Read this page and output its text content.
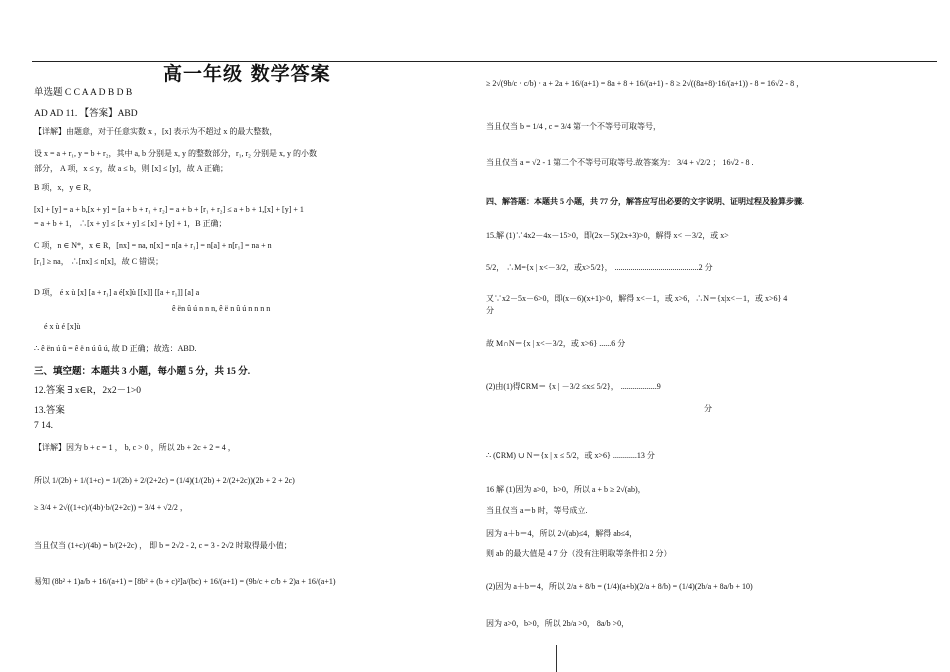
高一年级 数学答案
单选题 C C A A D B D B
AD AD 11. 【答案】ABD
【详解】由题意，对于任意实数 x ，[x] 表示为不超过 x 的最大整数，
设 x = a + r₁, y = b + r₂，其中 a, b 分别是 x, y 的整数部分，r₁, r₂ 分别是 x, y 的小数
部分， A 项，x ≤ y，故 a ≤ b，则 [x] ≤ [y]，故 A 正确；
B 项，x，y ∈ R，
[x] + [y] = a + b,[x + y] = [a + b + r₁ + r₂] = a + b + [r₁ + r₂] ≤ a + b + 1,[x] + [y] + 1
= a + b + 1， ∴[x + y] ≤ [x + y] ≤ [x] + [y] + 1，B 正确；
C 项，n ∈ N*，x ∈ R，[nx] = na, n[x] = n[a + r₁] = n[a] + n[r₁] = na + n
[r₁] ≥ na， ∴[nx] ≤ n[x]，故 C 错误；
D 项， é x ù [x] [a + r₁] a é[x]ù [[x]] [[a + r₁]] [a] a
ê ën û ú n n n, ê ë n û ú n n n n
é x ù é [x]ù
∴ ê ën ú û = ê ë n ú û ú, 故 D 正确；故选：ABD.
三、填空题：本题共 3 小题，每小题 5 分，共 15 分.
12.答案 ∃ x∈R，2x2－1>0
13.答案
7 14.
【详解】因为 b + c = 1 ， b, c > 0 ，所以 2b + 2c + 2 = 4 ，
所以 1/(2b) + 1/(1+c) = 1/(2b) + 2/(2+2c) = (1/4)(1/(2b) + 2/(2+2c))(2b + 2 + 2c)
≥ 3/4 + 2√((1+c)/(4b)·b/(2+2c)) = 3/4 + √2/2 ，
当且仅当 (1+c)/(4b) = b/(2+2c) ， 即 b = 2√2 - 2, c = 3 - 2√2 时取得最小值；
易知 (8b² + 1)a/b + 16/(a+1) = [8b² + (b + c)²]a/(bc) + 16/(a+1) = (9b/c + c/b + 2)a + 16/(a+1)
≥ 2√(9b/c · c/b) · a + 2a + 16/(a+1) = 8a + 8 + 16/(a+1) - 8 ≥ 2√((8a+8)·16/(a+1)) - 8 = 16√2 - 8 ，
当且仅当 b = 1/4 , c = 3/4 第一个不等号可取等号，
当且仅当 a = √2 - 1 第二个不等号可取等号.故答案为： 3/4 + √2/2 ； 16√2 - 8 .
四、解答题：本题共 5 小题，共 77 分，解答应写出必要的文字说明、证明过程及验算步骤.
15.解 (1)∵4x2－4x－15>0，即(2x－5)(2x+3)>0，解得 x< －3/2，或 x>
5/2， ∴M={x | x<－3/2，或x>5/2}， ..........................................2 分
又∵x2－5x－6>0，即(x－6)(x+1)>0，解得 x<－1，或 x>6，∴N＝{x|x<－1，或 x>6} 4
分
故 M∩N＝{x | x<－3/2，或 x>6} ......6 分
(2)由(1)得∁RM＝ {x | －3/2 ≤x≤ 5/2}， ..................9
分
∴ (∁RM) ∪ N＝{x | x ≤ 5/2，或 x>6} ............13 分
16 解 (1)因为 a>0，b>0，所以 a + b ≥ 2√(ab)，
当且仅当 a＝b 时，等号成立.
因为 a＋b＝4，所以 2√(ab)≤4，解得 ab≤4，
则 ab 的最大值是 4 7 分（没有注明取等条件扣 2 分）
(2)因为 a＋b＝4，所以 2/a + 8/b = (1/4)(a+b)(2/a + 8/b) = (1/4)(2b/a + 8a/b + 10)
因为 a>0，b>0，所以 2b/a >0， 8a/b >0，
